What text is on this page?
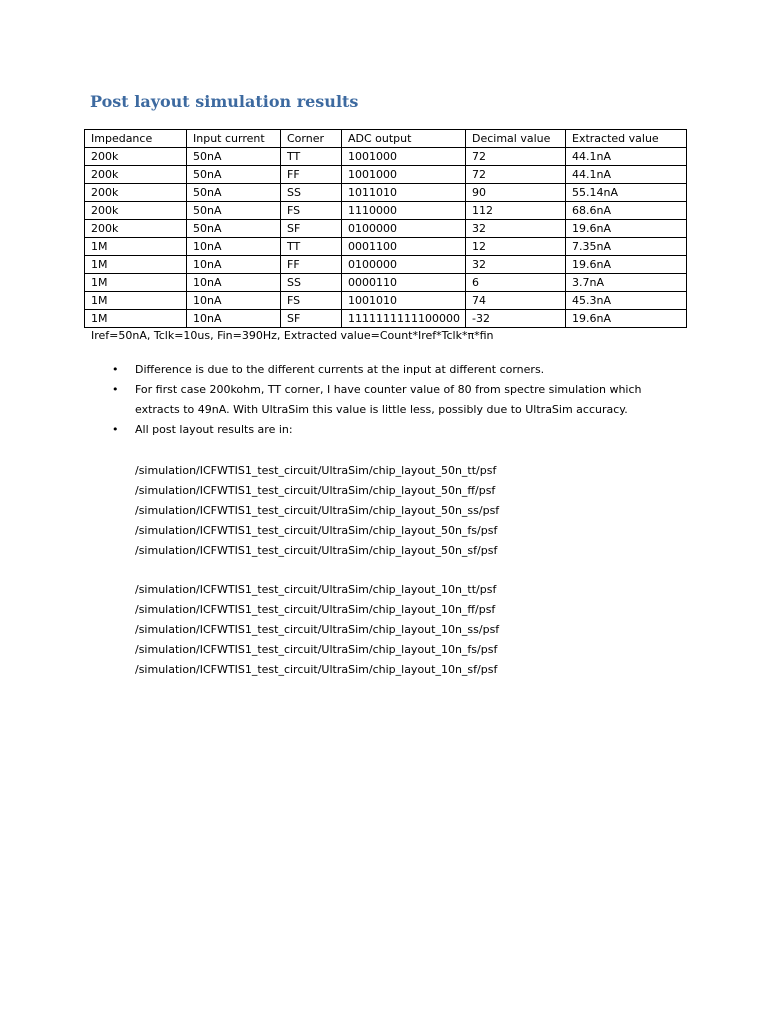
Post layout simulation results
Impedance	Input current	Corner	ADC output	Decimal value	Extracted value
200k	50nA	TT	1001000	72	44.1nA
200k	50nA	FF	1001000	72	44.1nA
200k	50nA	SS	1011010	90	55.14nA
200k	50nA	FS	1110000	112	68.6nA
200k	50nA	SF	0100000	32	19.6nA
1M	10nA	TT	0001100	12	7.35nA
1M	10nA	FF	0100000	32	19.6nA
1M	10nA	SS	0000110	6	3.7nA
1M	10nA	FS	1001010	74	45.3nA
1M	10nA	SF	1111111111100000	-32	19.6nA

Iref=50nA, Tclk=10us, Fin=390Hz, Extracted value=Count*Iref*Tclk*π*fin

• Difference is due to the different currents at the input at different corners.
• For first case 200kohm, TT corner, I have counter value of 80 from spectre simulation which extracts to 49nA. With UltraSim this value is little less, possibly due to UltraSim accuracy.
• All post layout results are in:
/simulation/ICFWTIS1_test_circuit/UltraSim/chip_layout_50n_tt/psf
/simulation/ICFWTIS1_test_circuit/UltraSim/chip_layout_50n_ff/psf
/simulation/ICFWTIS1_test_circuit/UltraSim/chip_layout_50n_ss/psf
/simulation/ICFWTIS1_test_circuit/UltraSim/chip_layout_50n_fs/psf
/simulation/ICFWTIS1_test_circuit/UltraSim/chip_layout_50n_sf/psf
/simulation/ICFWTIS1_test_circuit/UltraSim/chip_layout_10n_tt/psf
/simulation/ICFWTIS1_test_circuit/UltraSim/chip_layout_10n_ff/psf
/simulation/ICFWTIS1_test_circuit/UltraSim/chip_layout_10n_ss/psf
/simulation/ICFWTIS1_test_circuit/UltraSim/chip_layout_10n_fs/psf
/simulation/ICFWTIS1_test_circuit/UltraSim/chip_layout_10n_sf/psf
